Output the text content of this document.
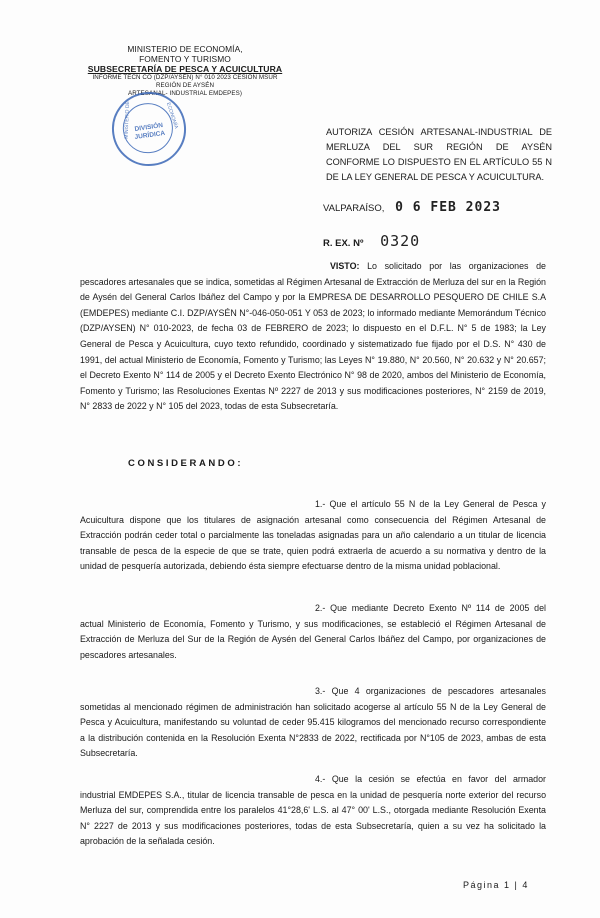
MINISTERIO DE ECONOMÍA,
FOMENTO Y TURISMO
SUBSECRETARÍA DE PESCA Y ACUICULTURA
INFORME TÉCN CO (DZP/AYSÉN) N° 010 2023 CESIÓN MSUR
REGIÓN DE AYSÉN
ARTESANAL- INDUSTRIAL EMDEPES)
MINISTERIO DE	ECONOMÍA
DIVISIÓN
JURÍDICA	AUTORIZA CESIÓN ARTESANAL-INDUSTRIAL DE MERLUZA DEL SUR REGIÓN DE AYSÉN CONFORME LO DISPUESTO EN EL ARTÍCULO 55 N DE LA LEY GENERAL DE PESCA Y ACUICULTURA.
VALPARAÍSO, 0 6 FEB 2023
R. EX. Nº 0320
VISTO: Lo solicitado por las organizaciones de pescadores artesanales que se indica, sometidas al Régimen Artesanal de Extracción de Merluza del sur en la Región de Aysén del General Carlos Ibáñez del Campo y por la EMPRESA DE DESARROLLO PESQUERO DE CHILE S.A (EMDEPES) mediante C.I. DZP/AYSÉN N°-046-050-051 Y 053 de 2023; lo informado mediante Memorándum Técnico (DZP/AYSEN) N° 010-2023, de fecha 03 de FEBRERO de 2023; lo dispuesto en el D.F.L. N° 5 de 1983; la Ley General de Pesca y Acuicultura, cuyo texto refundido, coordinado y sistematizado fue fijado por el D.S. N° 430 de 1991, del actual Ministerio de Economía, Fomento y Turismo; las Leyes N° 19.880, N° 20.560, N° 20.632 y N° 20.657; el Decreto Exento N° 114 de 2005 y el Decreto Exento Electrónico N° 98 de 2020, ambos del Ministerio de Economía, Fomento y Turismo; las Resoluciones Exentas Nº 2227 de 2013 y sus modificaciones posteriores, N° 2159 de 2019, N° 2833 de 2022 y N° 105 del 2023, todas de esta Subsecretaría.
CONSIDERANDO:
1.- Que el artículo 55 N de la Ley General de Pesca y Acuicultura dispone que los titulares de asignación artesanal como consecuencia del Régimen Artesanal de Extracción podrán ceder total o parcialmente las toneladas asignadas para un año calendario a un titular de licencia transable de pesca de la especie de que se trate, quien podrá extraerla de acuerdo a su normativa y dentro de la unidad de pesquería autorizada, debiendo ésta siempre efectuarse dentro de la misma unidad poblacional.
2.- Que mediante Decreto Exento Nº 114 de 2005 del actual Ministerio de Economía, Fomento y Turismo, y sus modificaciones, se estableció el Régimen Artesanal de Extracción de Merluza del Sur de la Región de Aysén del General Carlos Ibáñez del Campo, por organizaciones de pescadores artesanales.
3.- Que 4 organizaciones de pescadores artesanales sometidas al mencionado régimen de administración han solicitado acogerse al artículo 55 N de la Ley General de Pesca y Acuicultura, manifestando su voluntad de ceder 95.415 kilogramos del mencionado recurso correspondiente a la distribución contenida en la Resolución Exenta N°2833 de 2022, rectificada por N°105 de 2023, ambas de esta Subsecretaría.
4.- Que la cesión se efectúa en favor del armador industrial EMDEPES S.A., titular de licencia transable de pesca en la unidad de pesquería norte exterior del recurso Merluza del sur, comprendida entre los paralelos 41°28,6' L.S. al 47° 00' L.S., otorgada mediante Resolución Exenta N° 2227 de 2013 y sus modificaciones posteriores, todas de esta Subsecretaría, quien a su vez ha solicitado la aprobación de la señalada cesión.
Página 1 | 4
